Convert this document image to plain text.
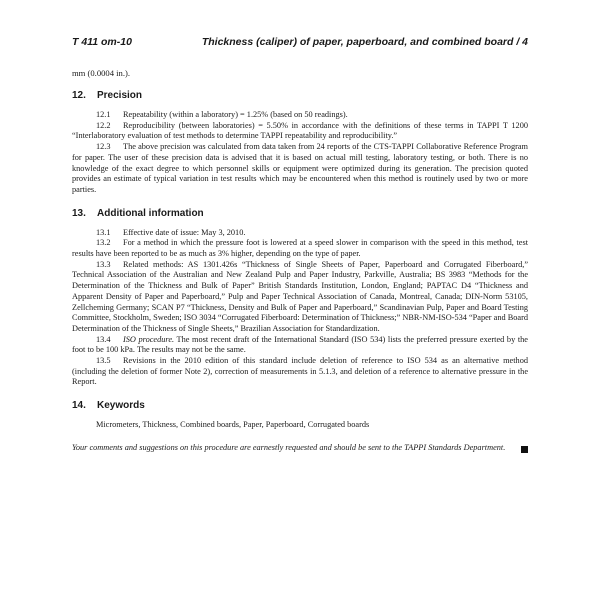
T 411 om-10	Thickness (caliper) of paper, paperboard, and combined board / 4

mm (0.0004 in.).

12. Precision

12.1 Repeatability (within a laboratory) = 1.25% (based on 50 readings).

12.2 Reproducibility (between laboratories) = 5.50% in accordance with the definitions of these terms in TAPPI T 1200 “Interlaboratory evaluation of test methods to determine TAPPI repeatability and reproducibility.”

12.3 The above precision was calculated from data taken from 24 reports of the CTS-TAPPI Collaborative Reference Program for paper. The user of these precision data is advised that it is based on actual mill testing, laboratory testing, or both. There is no knowledge of the exact degree to which personnel skills or equipment were optimized during its generation. The precision quoted provides an estimate of typical variation in test results which may be encountered when this method is routinely used by two or more parties.

13. Additional information

13.1 Effective date of issue: May 3, 2010.

13.2 For a method in which the pressure foot is lowered at a speed slower in comparison with the speed in this method, test results have been reported to be as much as 3% higher, depending on the type of paper.

13.3 Related methods: AS 1301.426s “Thickness of Single Sheets of Paper, Paperboard and Corrugated Fiberboard,” Technical Association of the Australian and New Zealand Pulp and Paper Industry, Parkville, Australia; BS 3983 “Methods for the Determination of the Thickness and Bulk of Paper” British Standards Institution, London, England; PAPTAC D4 “Thickness and Apparent Density of Paper and Paperboard,” Pulp and Paper Technical Association of Canada, Montreal, Canada; DIN-Norm 53105, Zellcheming Germany; SCAN P7 “Thickness, Density and Bulk of Paper and Paperboard,” Scandinavian Pulp, Paper and Board Testing Committee, Stockholm, Sweden; ISO 3034 “Corrugated Fiberboard: Determination of Thickness;” NBR-NM-ISO-534 “Paper and Board Determination of the Thickness of Single Sheets,” Brazilian Association for Standardization.

13.4 ISO procedure. The most recent draft of the International Standard (ISO 534) lists the preferred pressure exerted by the foot to be 100 kPa. The results may not be the same.

13.5 Revisions in the 2010 edition of this standard include deletion of reference to ISO 534 as an alternative method (including the deletion of former Note 2), correction of measurements in 5.1.3, and deletion of a reference to alternative pressure in the Report.

14. Keywords

Micrometers, Thickness, Combined boards, Paper, Paperboard, Corrugated boards

Your comments and suggestions on this procedure are earnestly requested and should be sent to the TAPPI Standards Department.
